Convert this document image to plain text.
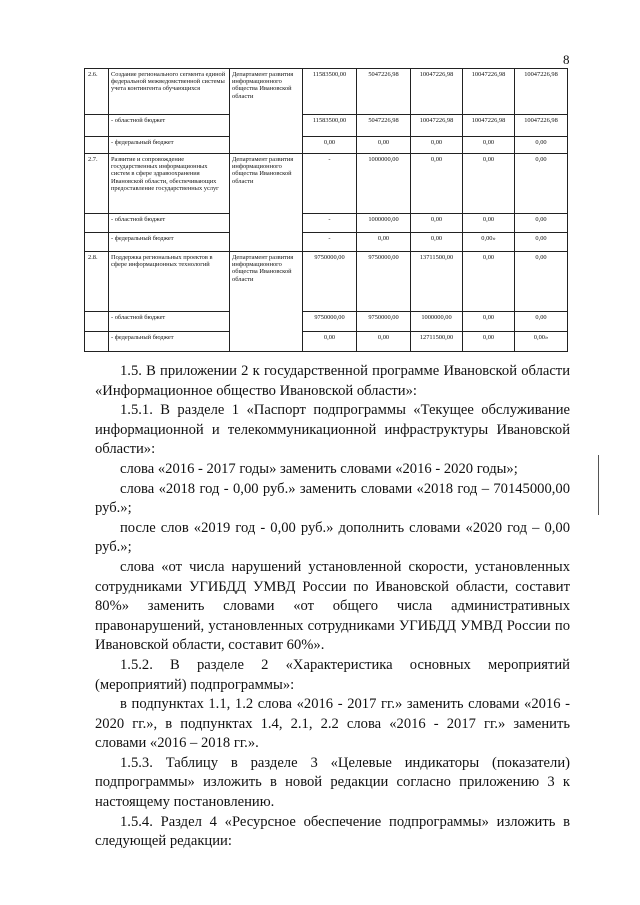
8
2.6.	Создание регионального сегмента единой федеральной межведомственной системы учета контингента обучающихся	Департамент развития информационного общества Ивановской области	11583500,00	5047226,98	10047226,98	10047226,98	10047226,98
	- областной бюджет		11583500,00	5047226,98	10047226,98	10047226,98	10047226,98
	- федеральный бюджет		0,00	0,00	0,00	0,00	0,00
2.7.	Развитие и сопровождение государственных информационных систем в сфере здравоохранения Ивановской области, обеспечивающих предоставление государственных услуг	Департамент развития информационного общества Ивановской области	-	1000000,00	0,00	0,00	0,00
	- областной бюджет		-	1000000,00	0,00	0,00	0,00
	- федеральный бюджет		-	0,00	0,00	0,00»	0,00
2.8.	Поддержка региональных проектов в сфере информационных технологий	Департамент развития информационного общества Ивановской области	9750000,00	9750000,00	13711500,00	0,00	0,00
	- областной бюджет		9750000,00	9750000,00	1000000,00	0,00	0,00
	- федеральный бюджет		0,00	0,00	12711500,00	0,00	0,00»

1.5. В приложении 2 к государственной программе Ивановской области «Информационное общество Ивановской области»:

1.5.1. В разделе 1 «Паспорт подпрограммы «Текущее обслуживание информационной и телекоммуникационной инфраструктуры Ивановской области»:

слова «2016 - 2017 годы» заменить словами «2016 - 2020 годы»;

слова «2018 год - 0,00 руб.» заменить словами «2018 год – 70145000,00 руб.»;

после слов «2019 год - 0,00 руб.» дополнить словами «2020 год – 0,00 руб.»;

слова «от числа нарушений установленной скорости, установленных сотрудниками УГИБДД УМВД России по Ивановской области, составит 80%» заменить словами «от общего числа административных правонарушений, установленных сотрудниками УГИБДД УМВД России по Ивановской области, составит 60%».

1.5.2. В разделе 2 «Характеристика основных мероприятий (мероприятий) подпрограммы»:

в подпунктах 1.1, 1.2 слова «2016 - 2017 гг.» заменить словами «2016 - 2020 гг.», в подпунктах 1.4, 2.1, 2.2 слова «2016 - 2017 гг.» заменить словами «2016 – 2018 гг.».

1.5.3. Таблицу в разделе 3 «Целевые индикаторы (показатели) подпрограммы» изложить в новой редакции согласно приложению 3 к настоящему постановлению.

1.5.4. Раздел 4 «Ресурсное обеспечение подпрограммы» изложить в следующей редакции:
